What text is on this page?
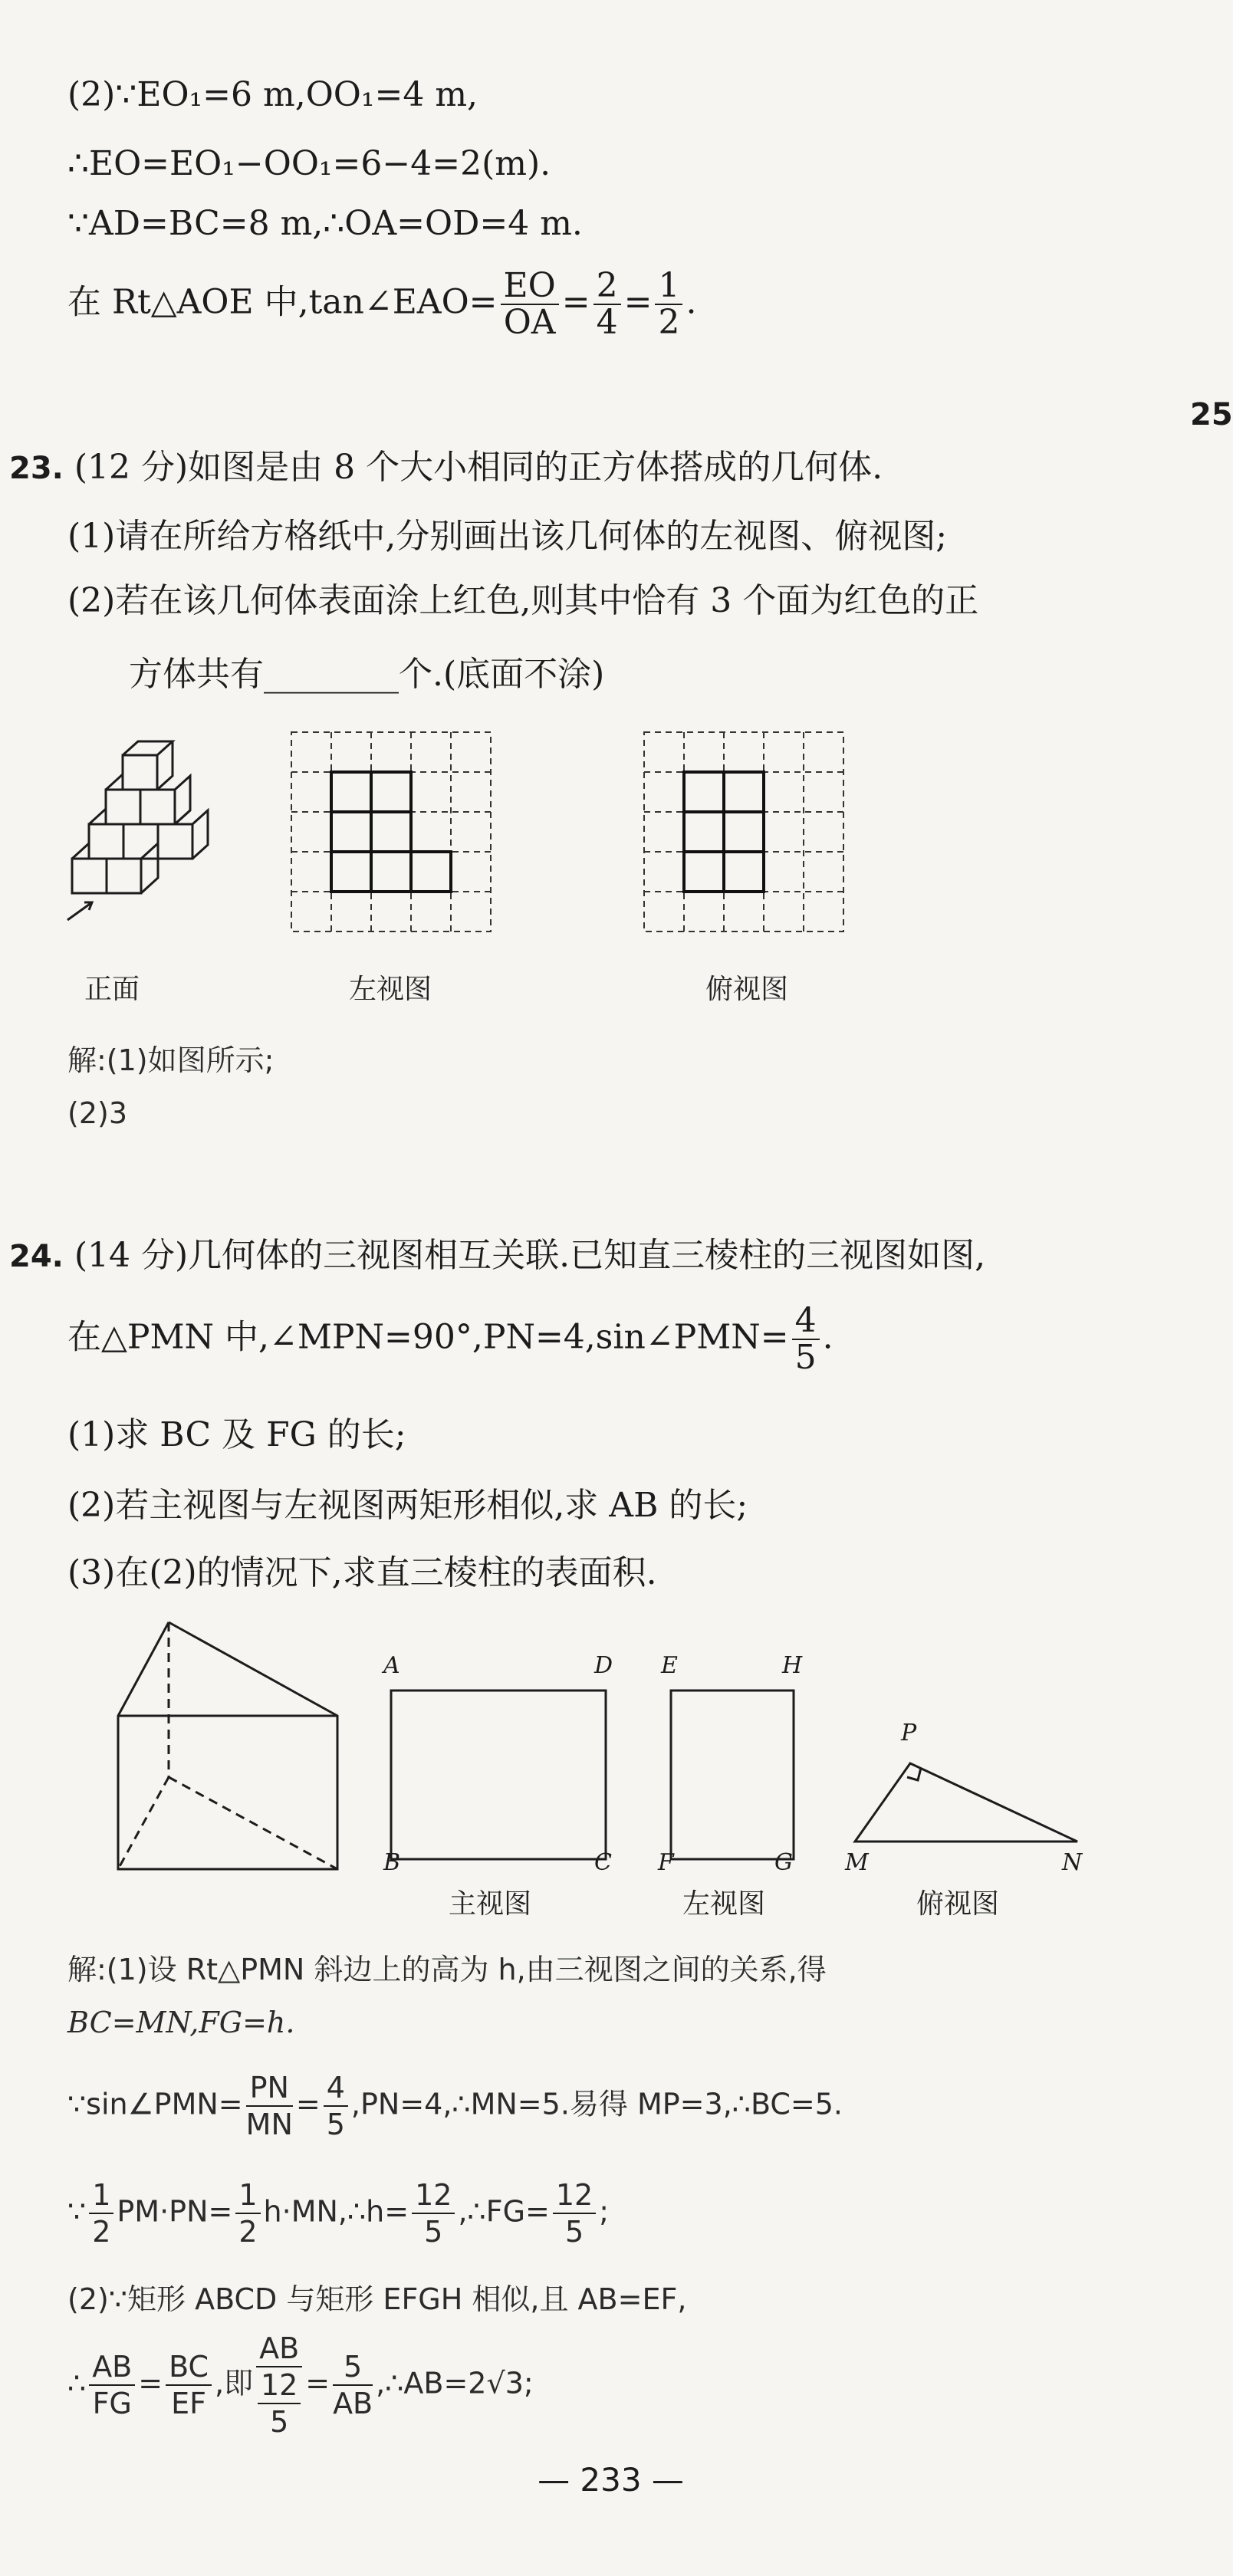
(2)∵EO₁=6 m,OO₁=4 m,
∴EO=EO₁−OO₁=6−4=2(m).
∵AD=BC=8 m,∴OA=OD=4 m.
在 Rt△AOE 中,tan∠EAO= $\frac{EO}{OA} = \frac{2}{4} = \frac{1}{2}$ .
25
23. (12 分)如图是由 8 个大小相同的正方体搭成的几何体.
(1)请在所给方格纸中,分别画出该几何体的左视图、俯视图;
(2)若在该几何体表面涂上红色,则其中恰有 3 个面为红色的正
方体共有________个.(底面不涂)
正面	左视图	俯视图
解:(1)如图所示;
(2)3
24. (14 分)几何体的三视图相互关联.已知直三棱柱的三视图如图,
在△PMN 中,∠MPN=90°,PN=4,sin∠PMN= $\frac{4}{5}$ .
(1)求 BC 及 FG 的长;
(2)若主视图与左视图两矩形相似,求 AB 的长;
(3)在(2)的情况下,求直三棱柱的表面积.
A	D
B	C
E	H
F	G
P
M	N
主视图	左视图	俯视图
解:(1)设 Rt△PMN 斜边上的高为 h,由三视图之间的关系,得
BC=MN,FG=h.
∵sin∠PMN= $\frac{PN}{MN} = \frac{4}{5}$ ,PN=4,∴MN=5.易得 MP=3,∴BC=5.
∵ $\frac{1}{2} PM\cdot PN= \frac{1}{2}$ h·MN,∴h= $\frac{12}{5}$ ,∴FG= $\frac{12}{5}$ ;
(2)∵矩形 ABCD 与矩形 EFGH 相似,且 AB=EF,
∴ $\frac{AB}{FG} = \frac{BC}{EF}$ ,即 $\frac{AB}{\frac{12}{5}} = \frac{5}{AB}$ ,∴AB=2√3;
— 233 —
